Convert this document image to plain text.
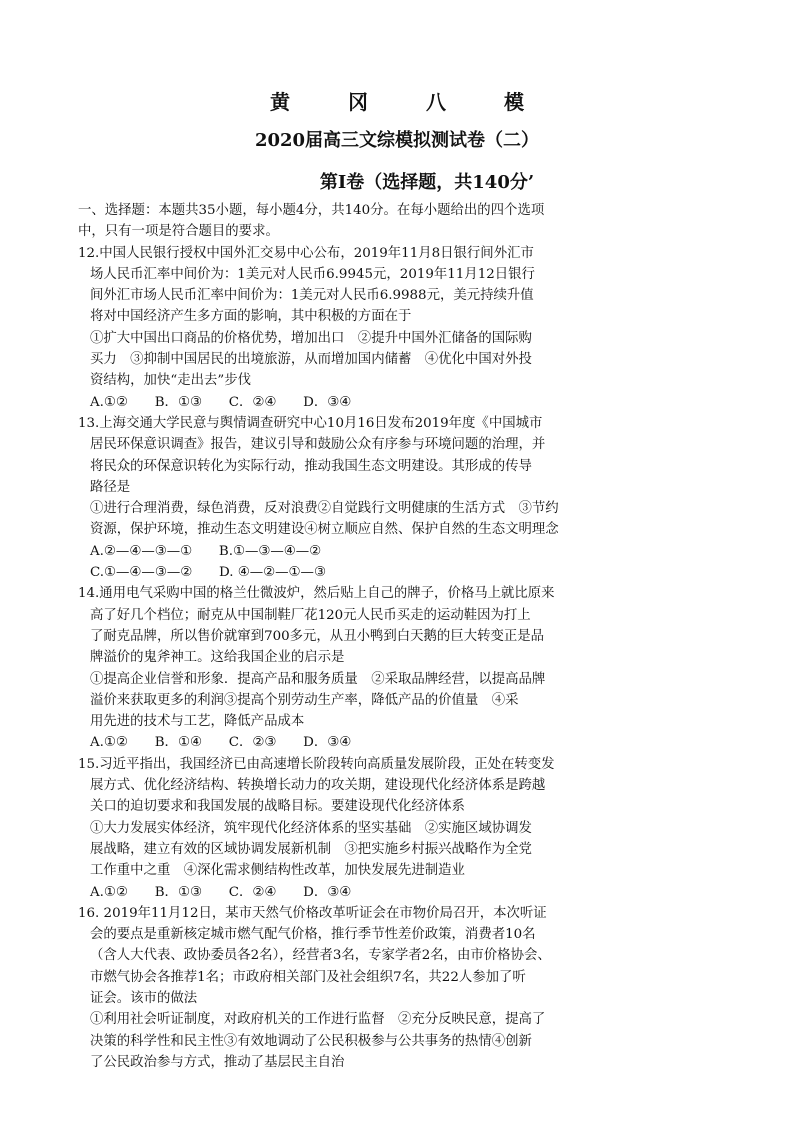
黄	冈	八	模
2020届高三文综模拟测试卷（二）
第I卷（选择题，共140分’
一、选择题：本题共35小题，每小题4分，共140分。在每小题给出的四个选项
中，只有一项是符合题目的要求。
12.中国人民银行授权中国外汇交易中心公布，2019年11月8日银行间外汇市
场人民币汇率中间价为：1美元对人民币6.9945元，2019年11月12日银行
间外汇市场人民币汇率中间价为：1美元对人民币6.9988元，美元持续升值
将对中国经济产生多方面的影响，其中积极的方面在于
①扩大中国出口商品的价格优势，增加出口　②提升中国外汇储备的国际购
买力　③抑制中国居民的出境旅游，从而增加国内储蓄　④优化中国对外投
资结构，加快“走出去”步伐
A.①②　　B．①③　　C．②④　　D．③④
13.上海交通大学民意与舆情调查研究中心10月16日发布2019年度《中国城市
居民环保意识调查》报告，建议引导和鼓励公众有序参与环境问题的治理，并
将民众的环保意识转化为实际行动，推动我国生态文明建设。其形成的传导
路径是
①进行合理消费，绿色消费，反对浪费②自觉践行文明健康的生活方式　③节约
资源，保护环境，推动生态文明建设④树立顺应自然、保护自然的生态文明理念
A.②—④—③—①　　B.①—③—④—②
C.①—④—③—②　　D. ④—②—①—③
14.通用电气采购中国的格兰仕微波炉，然后贴上自己的牌子，价格马上就比原来
高了好几个档位；耐克从中国制鞋厂花120元人民币买走的运动鞋因为打上
了耐克品牌，所以售价就窜到700多元，从丑小鸭到白天鹅的巨大转变正是品
牌溢价的鬼斧神工。这给我国企业的启示是
①提高企业信誉和形象．提高产品和服务质量　②采取品牌经营，以提高品牌
溢价来获取更多的利润③提高个别劳动生产率，降低产品的价值量　④采
用先进的技术与工艺，降低产品成本
A.①②　　B．①④　　C．②③　　D．③④
15.习近平指出，我国经济已由高速增长阶段转向高质量发展阶段，正处在转变发
展方式、优化经济结构、转换增长动力的攻关期，建设现代化经济体系是跨越
关口的迫切要求和我国发展的战略目标。要建设现代化经济体系
①大力发展实体经济，筑牢现代化经济体系的坚实基础　②实施区域协调发
展战略，建立有效的区域协调发展新机制　③把实施乡村振兴战略作为全党
工作重中之重　④深化需求侧结构性改革，加快发展先进制造业
A.①②　　B．①③　　C．②④　　D．③④
16. 2019年11月12日，某市天然气价格改革听证会在市物价局召开，本次听证
会的要点是重新核定城市燃气配气价格，推行季节性差价政策，消费者10名
（含人大代表、政协委员各2名），经营者3名，专家学者2名，由市价格协会、
市燃气协会各推荐1名；市政府相关部门及社会组织7名，共22人参加了听
证会。该市的做法
①利用社会听证制度，对政府机关的工作进行监督　②充分反映民意，提高了
决策的科学性和民主性③有效地调动了公民积极参与公共事务的热情④创新
了公民政治参与方式，推动了基层民主自治
